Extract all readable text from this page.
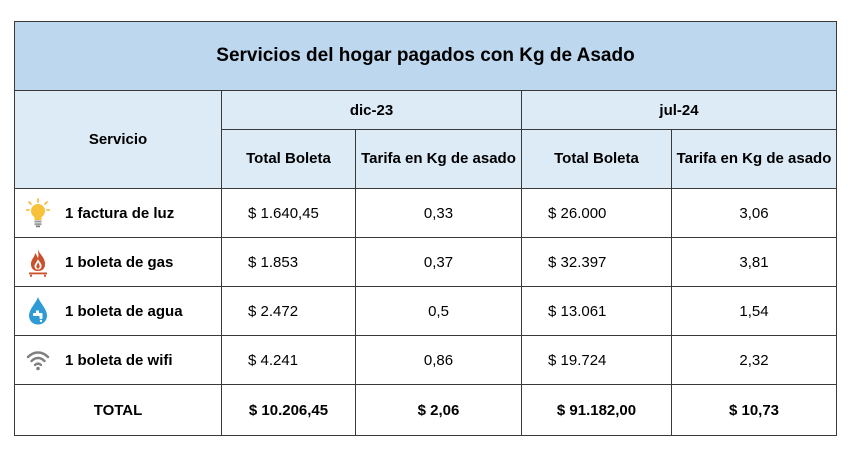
Servicios del hogar pagados con Kg de Asado				
Servicio	dic-23		jul-24	
	Total Boleta	Tarifa en Kg de asado	Total Boleta	Tarifa en Kg de asado

1 factura de luz	$ 1.640,45	0,33	$ 26.000	3,06

1 boleta de gas	$ 1.853	0,37	$ 32.397	3,81

1 boleta de agua	$ 2.472	0,5	$ 13.061	1,54

1 boleta de wifi	$ 4.241	0,86	$ 19.724	2,32
TOTAL	$ 10.206,45	$ 2,06	$ 91.182,00	$ 10,73
